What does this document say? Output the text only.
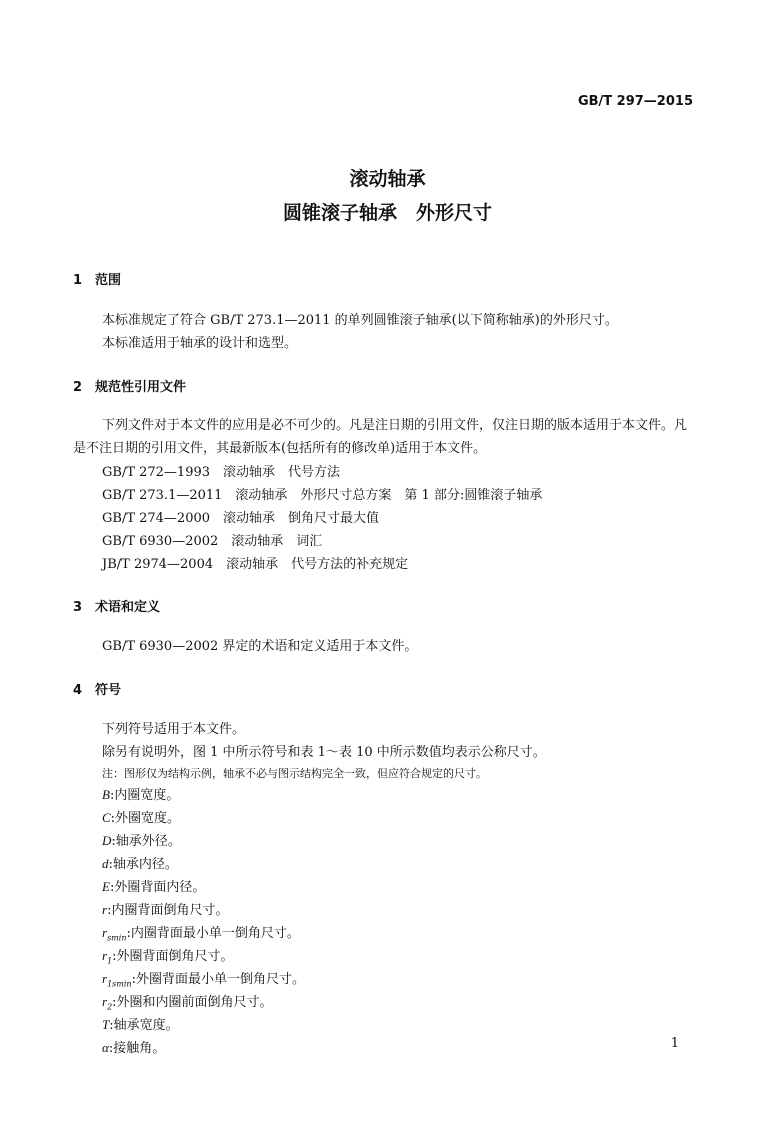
GB/T 297—2015
滚动轴承
圆锥滚子轴承　外形尺寸
1 范围
本标准规定了符合 GB/T 273.1—2011 的单列圆锥滚子轴承(以下简称轴承)的外形尺寸。
本标准适用于轴承的设计和选型。
2 规范性引用文件
下列文件对于本文件的应用是必不可少的。凡是注日期的引用文件，仅注日期的版本适用于本文件。凡是不注日期的引用文件，其最新版本(包括所有的修改单)适用于本文件。
GB/T 272—1993　滚动轴承　代号方法
GB/T 273.1—2011　滚动轴承　外形尺寸总方案　第 1 部分:圆锥滚子轴承
GB/T 274—2000　滚动轴承　倒角尺寸最大值
GB/T 6930—2002　滚动轴承　词汇
JB/T 2974—2004　滚动轴承　代号方法的补充规定
3 术语和定义
GB/T 6930—2002 界定的术语和定义适用于本文件。
4 符号
下列符号适用于本文件。
除另有说明外，图 1 中所示符号和表 1～表 10 中所示数值均表示公称尺寸。
注：图形仅为结构示例，轴承不必与图示结构完全一致，但应符合规定的尺寸。
B:内圈宽度。
C:外圈宽度。
D:轴承外径。
d:轴承内径。
E:外圈背面内径。
r:内圈背面倒角尺寸。
$r_{smin}$:内圈背面最小单一倒角尺寸。
$r_1$:外圈背面倒角尺寸。
$r_{1smin}$:外圈背面最小单一倒角尺寸。
$r_2$:外圈和内圈前面倒角尺寸。
T:轴承宽度。
α:接触角。	1
